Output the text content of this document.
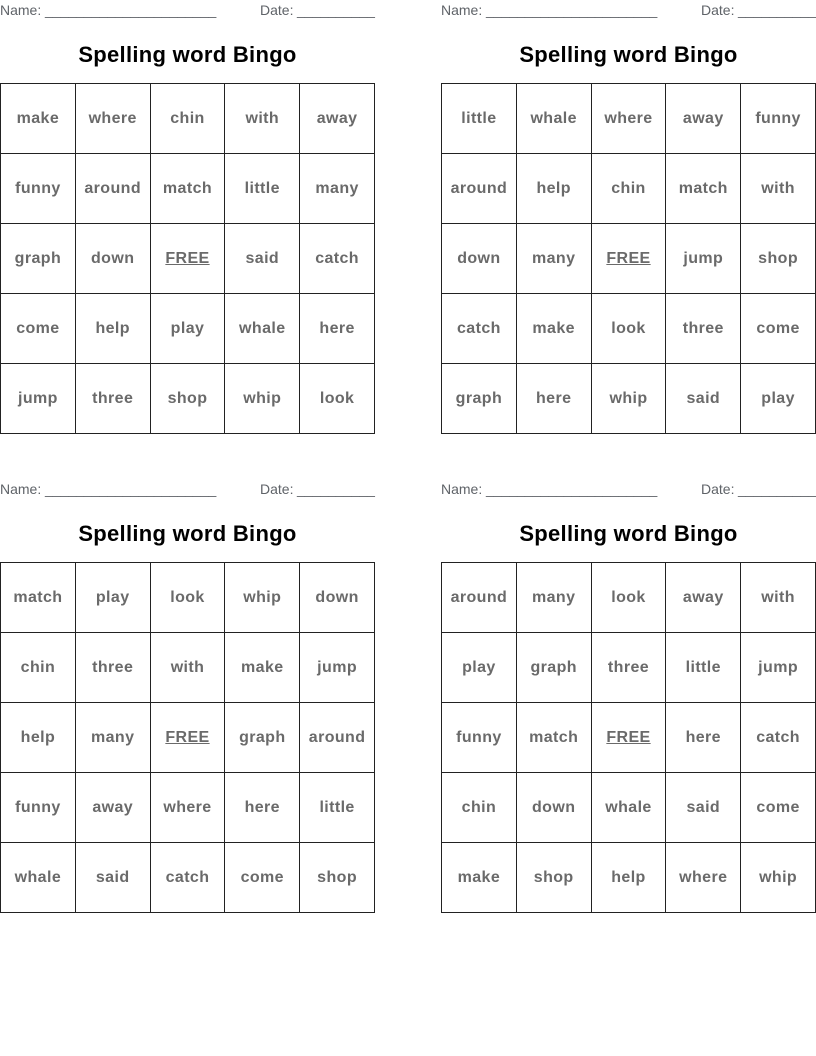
Name: ______________________	Date: __________
Spelling word Bingo
make	where	chin	with	away
funny	around	match	little	many
graph	down	FREE	said	catch
come	help	play	whale	here
jump	three	shop	whip	look
Name: ______________________	Date: __________
Spelling word Bingo
little	whale	where	away	funny
around	help	chin	match	with
down	many	FREE	jump	shop
catch	make	look	three	come
graph	here	whip	said	play
Name: ______________________	Date: __________
Spelling word Bingo
match	play	look	whip	down
chin	three	with	make	jump
help	many	FREE	graph	around
funny	away	where	here	little
whale	said	catch	come	shop
Name: ______________________	Date: __________
Spelling word Bingo
around	many	look	away	with
play	graph	three	little	jump
funny	match	FREE	here	catch
chin	down	whale	said	come
make	shop	help	where	whip
